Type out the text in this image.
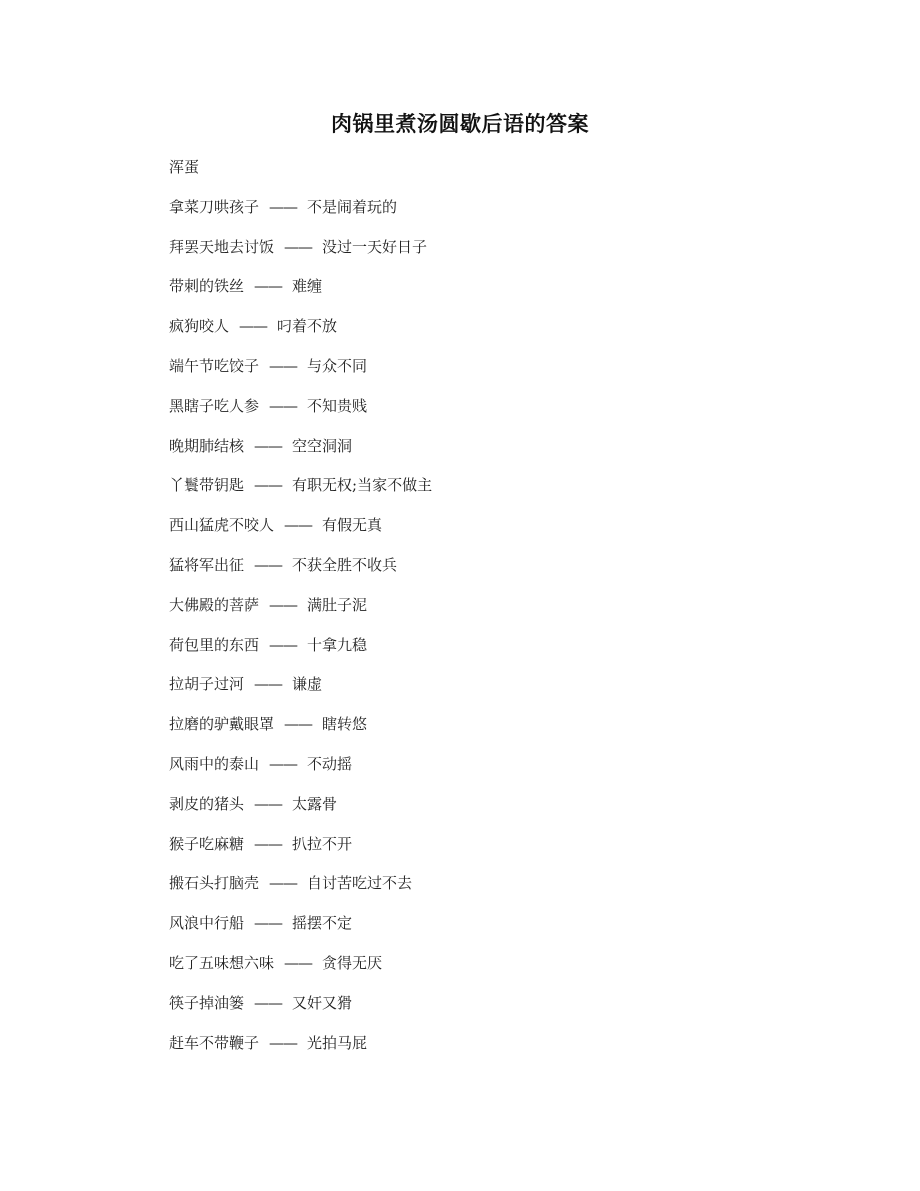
肉锅里煮汤圆歇后语的答案
浑蛋
拿菜刀哄孩子 —— 不是闹着玩的
拜罢天地去讨饭 —— 没过一天好日子
带刺的铁丝 —— 难缠
疯狗咬人 —— 叼着不放
端午节吃饺子 —— 与众不同
黑瞎子吃人参 —— 不知贵贱
晚期肺结核 —— 空空洞洞
丫鬟带钥匙 —— 有职无权;当家不做主
西山猛虎不咬人 —— 有假无真
猛将军出征 —— 不获全胜不收兵
大佛殿的菩萨 —— 满肚子泥
荷包里的东西 —— 十拿九稳
拉胡子过河 —— 谦虚
拉磨的驴戴眼罩 —— 瞎转悠
风雨中的泰山 —— 不动摇
剥皮的猪头 —— 太露骨
猴子吃麻糖 —— 扒拉不开
搬石头打脑壳 —— 自讨苦吃过不去
风浪中行船 —— 摇摆不定
吃了五味想六味 —— 贪得无厌
筷子掉油篓 —— 又奸又猾
赶车不带鞭子 —— 光拍马屁
